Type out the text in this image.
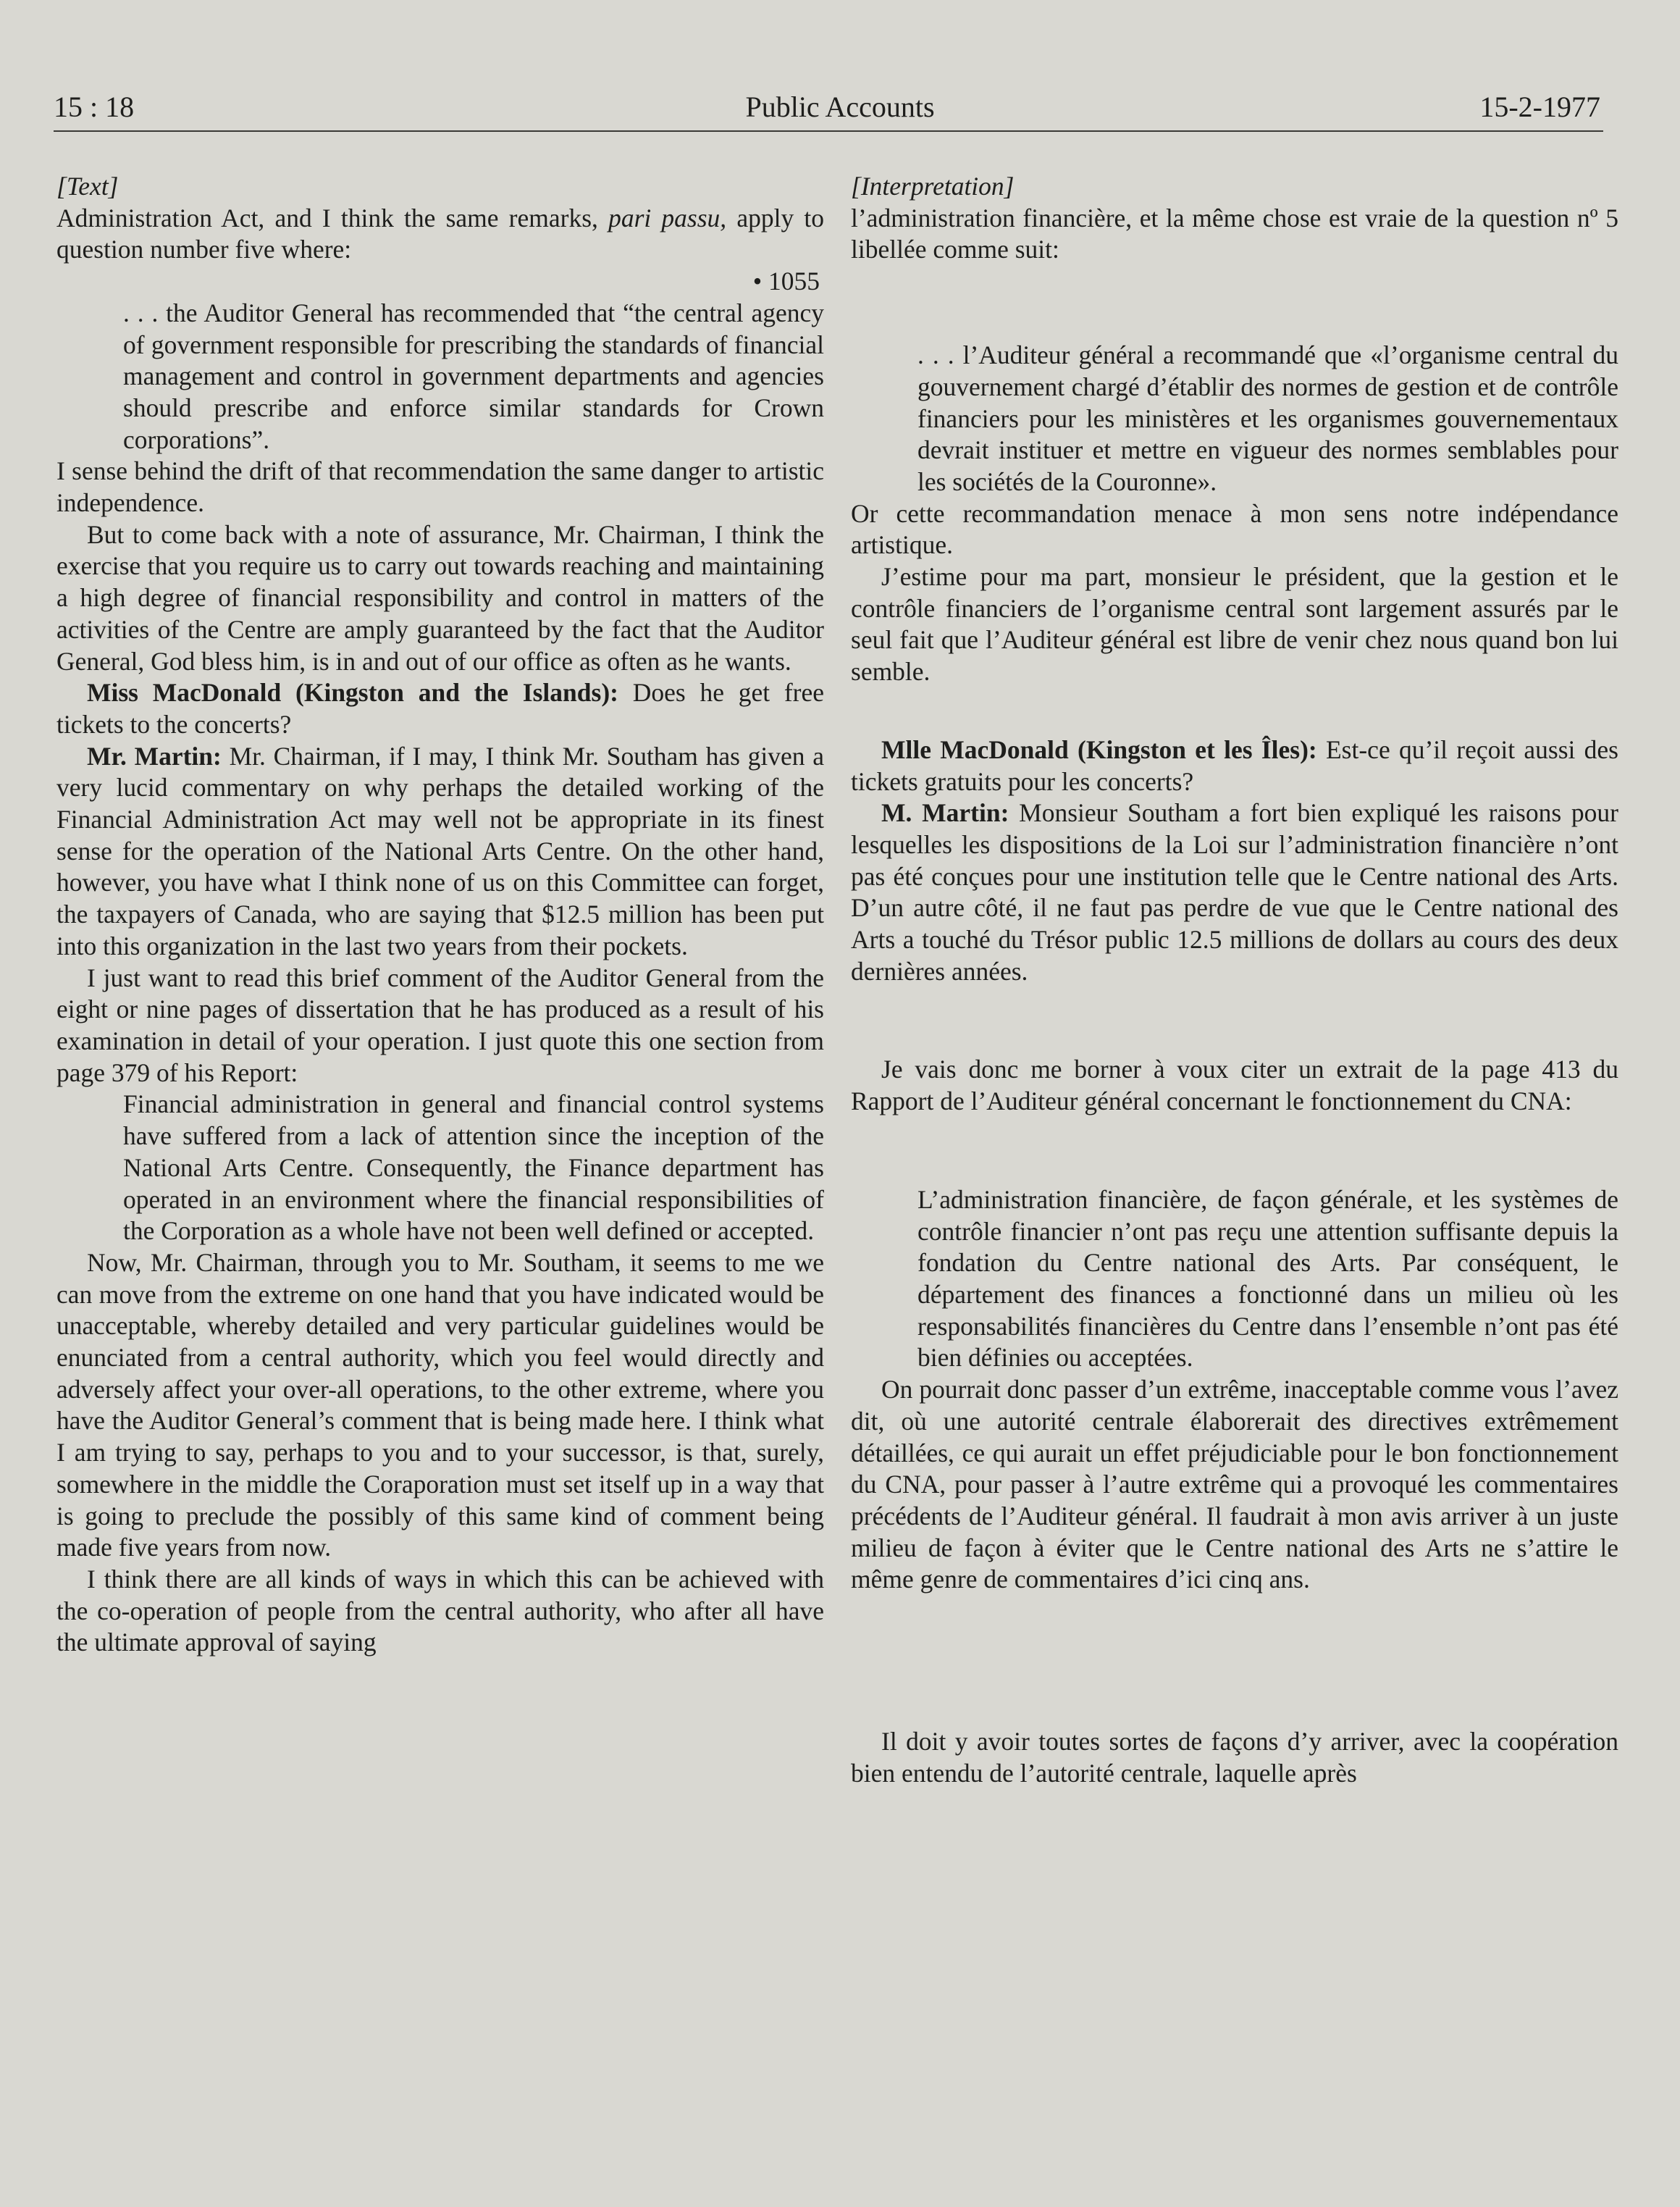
Public Accounts
15 : 18	15-2-1977

[Text]

Administration Act, and I think the same remarks, pari passu, apply to question number five where:

• 1055

. . . the Auditor General has recommended that “the central agency of government responsible for prescribing the standards of financial management and control in government departments and agencies should prescribe and enforce similar standards for Crown corporations”.

I sense behind the drift of that recommendation the same danger to artistic independence.

But to come back with a note of assurance, Mr. Chairman, I think the exercise that you require us to carry out towards reaching and maintaining a high degree of financial responsibility and control in matters of the activities of the Centre are amply guaranteed by the fact that the Auditor General, God bless him, is in and out of our office as often as he wants.

Miss MacDonald (Kingston and the Islands): Does he get free tickets to the concerts?

Mr. Martin: Mr. Chairman, if I may, I think Mr. Southam has given a very lucid commentary on why perhaps the detailed working of the Financial Administration Act may well not be appropriate in its finest sense for the operation of the National Arts Centre. On the other hand, however, you have what I think none of us on this Committee can forget, the taxpayers of Canada, who are saying that $12.5 million has been put into this organization in the last two years from their pockets.

I just want to read this brief comment of the Auditor General from the eight or nine pages of dissertation that he has produced as a result of his examination in detail of your operation. I just quote this one section from page 379 of his Report:

Financial administration in general and financial control systems have suffered from a lack of attention since the inception of the National Arts Centre. Consequently, the Finance department has operated in an environment where the financial responsibilities of the Corporation as a whole have not been well defined or accepted.

Now, Mr. Chairman, through you to Mr. Southam, it seems to me we can move from the extreme on one hand that you have indicated would be unacceptable, whereby detailed and very particular guidelines would be enunciated from a central authority, which you feel would directly and adversely affect your over-all operations, to the other extreme, where you have the Auditor General’s comment that is being made here. I think what I am trying to say, perhaps to you and to your successor, is that, surely, somewhere in the middle the Coraporation must set itself up in a way that is going to preclude the possibly of this same kind of comment being made five years from now.

I think there are all kinds of ways in which this can be achieved with the co-operation of people from the central authority, who after all have the ultimate approval of saying

[Interpretation]

l’administration financière, et la même chose est vraie de la question nº 5 libellée comme suit:

. . . l’Auditeur général a recommandé que «l’organisme central du gouvernement chargé d’établir des normes de gestion et de contrôle financiers pour les ministères et les organismes gouvernementaux devrait instituer et mettre en vigueur des normes semblables pour les sociétés de la Couronne».

Or cette recommandation menace à mon sens notre indépendance artistique.

J’estime pour ma part, monsieur le président, que la gestion et le contrôle financiers de l’organisme central sont largement assurés par le seul fait que l’Auditeur général est libre de venir chez nous quand bon lui semble.

Mlle MacDonald (Kingston et les Îles): Est-ce qu’il reçoit aussi des tickets gratuits pour les concerts?

M. Martin: Monsieur Southam a fort bien expliqué les raisons pour lesquelles les dispositions de la Loi sur l’administration financière n’ont pas été conçues pour une institution telle que le Centre national des Arts. D’un autre côté, il ne faut pas perdre de vue que le Centre national des Arts a touché du Trésor public 12.5 millions de dollars au cours des deux dernières années.

Je vais donc me borner à voux citer un extrait de la page 413 du Rapport de l’Auditeur général concernant le fonctionnement du CNA:

L’administration financière, de façon générale, et les systèmes de contrôle financier n’ont pas reçu une attention suffisante depuis la fondation du Centre national des Arts. Par conséquent, le département des finances a fonctionné dans un milieu où les responsabilités financières du Centre dans l’ensemble n’ont pas été bien définies ou acceptées.

On pourrait donc passer d’un extrême, inacceptable comme vous l’avez dit, où une autorité centrale élaborerait des directives extrêmement détaillées, ce qui aurait un effet préjudiciable pour le bon fonctionnement du CNA, pour passer à l’autre extrême qui a provoqué les commentaires précédents de l’Auditeur général. Il faudrait à mon avis arriver à un juste milieu de façon à éviter que le Centre national des Arts ne s’attire le même genre de commentaires d’ici cinq ans.

Il doit y avoir toutes sortes de façons d’y arriver, avec la coopération bien entendu de l’autorité centrale, laquelle après
